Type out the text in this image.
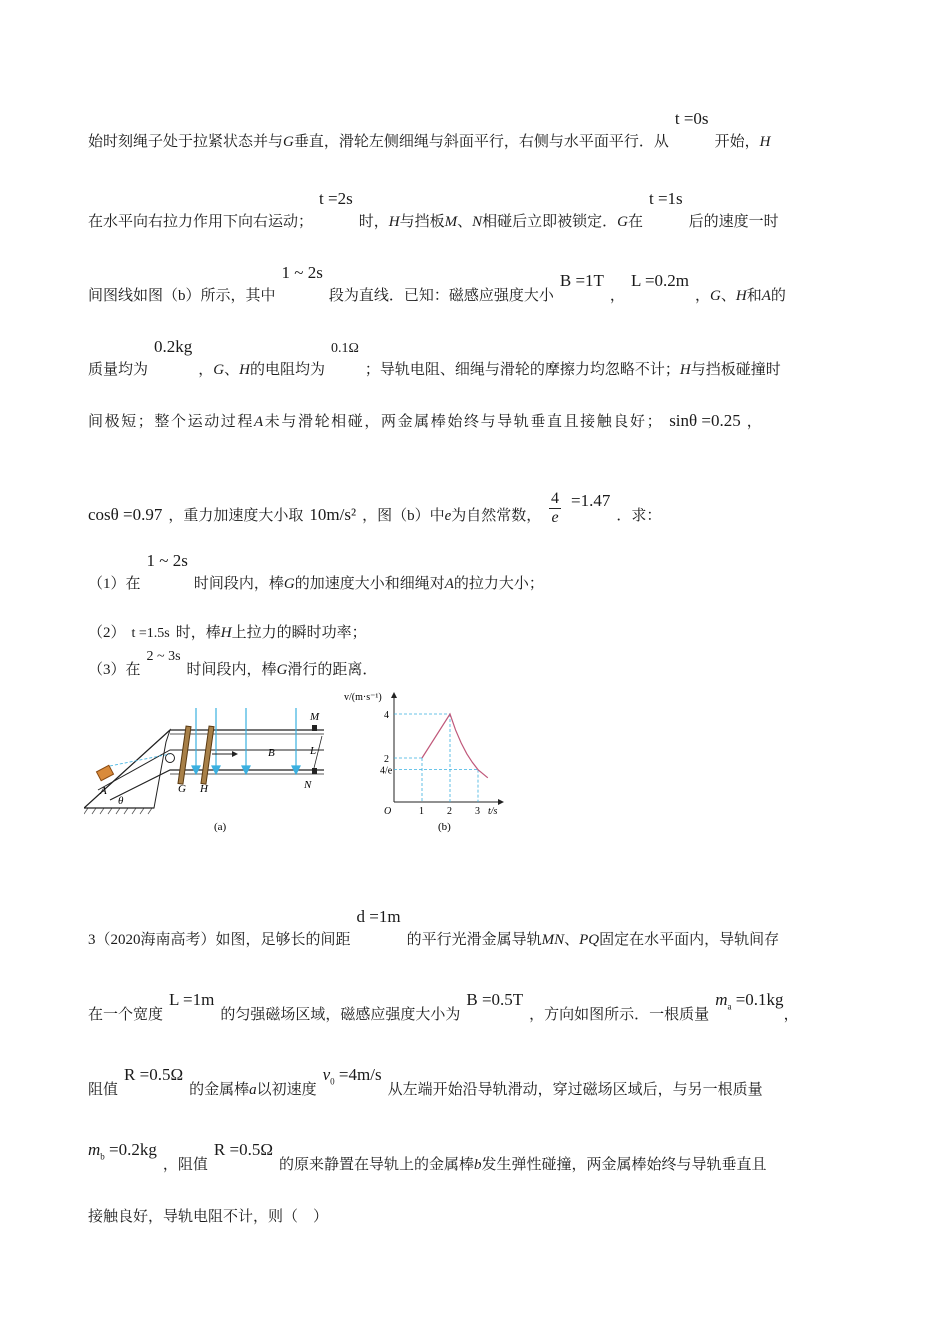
始时刻绳子处于拉紧状态并与G垂直，滑轮左侧细绳与斜面平行，右侧与水平面平行．从t =0s开始，H
在水平向右拉力作用下向右运动；t =2s时，H与挡板M、N相碰后立即被锁定．G在t =1s后的速度一时
间图线如图（b）所示，其中1 ~ 2s段为直线．已知：磁感应强度大小B =1T，L =0.2m，G、H和A的
质量均为0.2kg，G、H的电阻均为0.1Ω；导轨电阻、细绳与滑轮的摩擦力均忽略不计；H与挡板碰撞时
间极短；整个运动过程A未与滑轮相碰，两金属棒始终与导轨垂直且接触良好； sinθ =0.25 ，
cosθ =0.97 ，重力加速度大小取 10m/s² ，图（b）中e为自然常数， $\frac{4}{e} =1.47$．求：
（1）在1 ~ 2s时间段内，棒G的加速度大小和细绳对A的拉力大小；
（2） t =1.5s 时，棒H上拉力的瞬时功率；
（3）在2 ~ 3s时间段内，棒G滑行的距离．
A
θ
G H
B	L
M
N
(a)
v/(m·s⁻¹)
t/s
O	1 2 3
2
4
4/e
(b)
3（2020海南高考）如图，足够长的间距d =1m的平行光滑金属导轨MN、PQ固定在水平面内，导轨间存
在一个宽度L =1m的匀强磁场区域，磁感应强度大小为B =0.5T，方向如图所示．一根质量$m_a =0.1kg$，
阻值R =0.5Ω的金属棒a以初速度$v_0 =4m/s$从左端开始沿导轨滑动，穿过磁场区域后，与另一根质量
$m_b =0.2kg$，阻值R =0.5Ω的原来静置在导轨上的金属棒b发生弹性碰撞，两金属棒始终与导轨垂直且
接触良好，导轨电阻不计，则（　）
